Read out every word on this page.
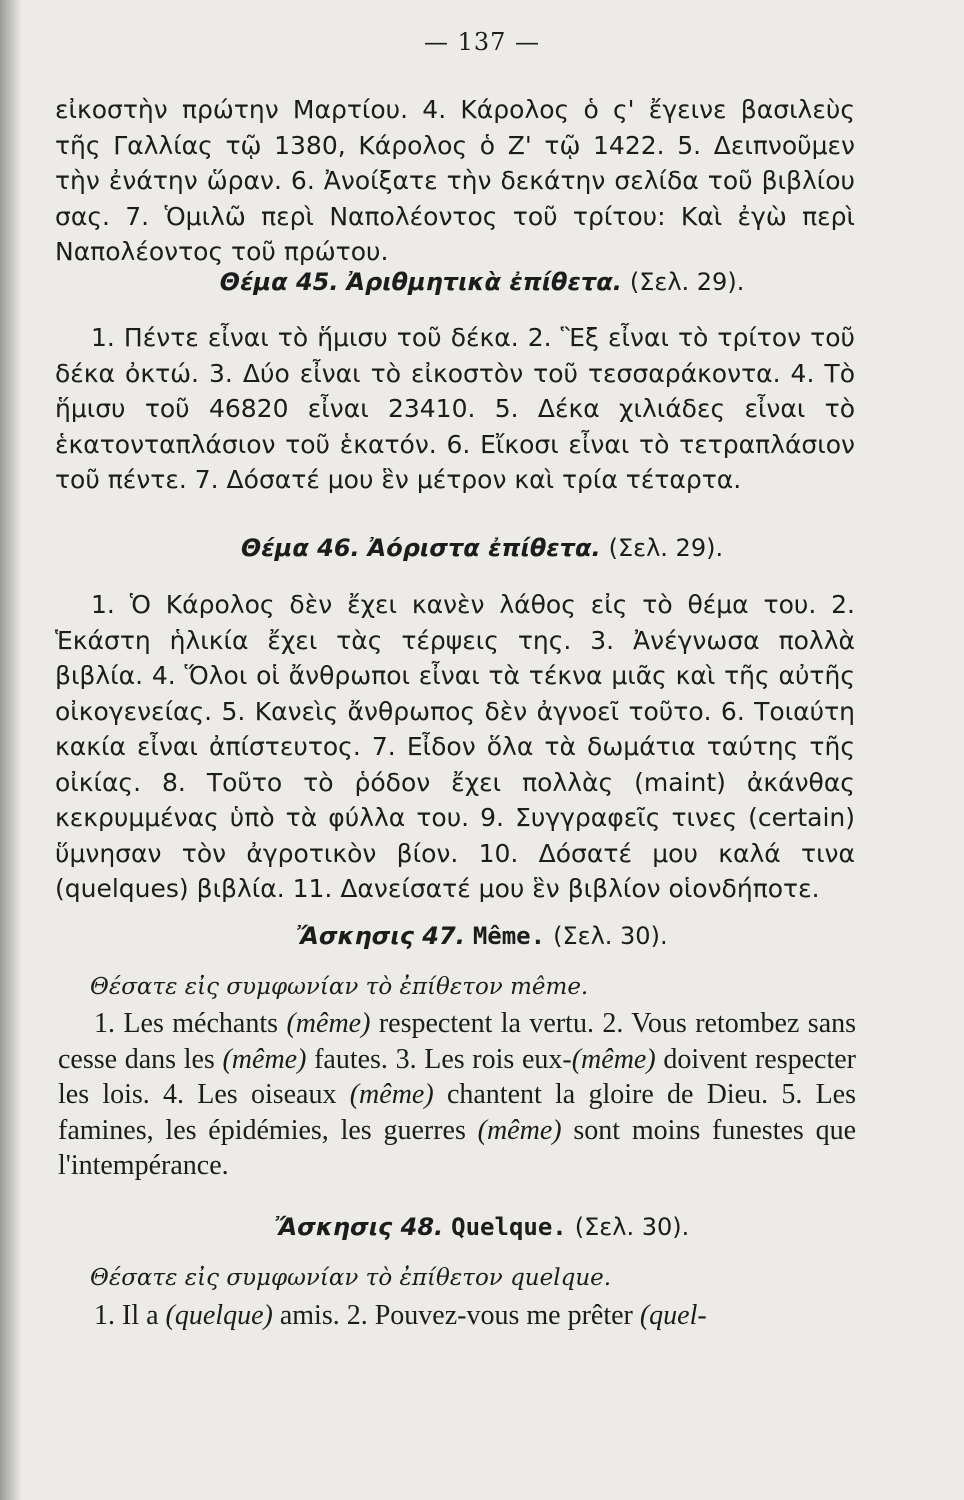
— 137 —

εἰκοστὴν πρώτην Μαρτίου. 4. Κάρολος ὁ ς' ἔγεινε βασιλεὺς τῆς Γαλλίας τῷ 1380, Κάρολος ὁ Ζ' τῷ 1422. 5. Δειπνοῦμεν τὴν ἐνάτην ὥραν. 6. Ἀνοίξατε τὴν δεκάτην σελίδα τοῦ βιβλίου σας. 7. Ὁμιλῶ περὶ Ναπολέοντος τοῦ τρίτου: Καὶ ἐγὼ περὶ Ναπολέοντος τοῦ πρώτου.

Θέμα 45. Ἀριθμητικὰ ἐπίθετα. (Σελ. 29).

1. Πέντε εἶναι τὸ ἥμισυ τοῦ δέκα. 2. Ἓξ εἶναι τὸ τρίτον τοῦ δέκα ὀκτώ. 3. Δύο εἶναι τὸ εἰκοστὸν τοῦ τεσσαράκοντα. 4. Τὸ ἥμισυ τοῦ 46820 εἶναι 23410. 5. Δέκα χιλιάδες εἶναι τὸ ἑκατονταπλάσιον τοῦ ἑκατόν. 6. Εἴκοσι εἶναι τὸ τετραπλάσιον τοῦ πέντε. 7. Δόσατέ μου ἓν μέτρον καὶ τρία τέταρτα.

Θέμα 46. Ἀόριστα ἐπίθετα. (Σελ. 29).

1. Ὁ Κάρολος δὲν ἔχει κανὲν λάθος εἰς τὸ θέμα του. 2. Ἑκάστη ἡλικία ἔχει τὰς τέρψεις της. 3. Ἀνέγνωσα πολλὰ βιβλία. 4. Ὅλοι οἱ ἄνθρωποι εἶναι τὰ τέκνα μιᾶς καὶ τῆς αὐτῆς οἰκογενείας. 5. Κανεὶς ἄνθρωπος δὲν ἀγνοεῖ τοῦτο. 6. Τοιαύτη κακία εἶναι ἀπίστευτος. 7. Εἶδον ὅλα τὰ δωμάτια ταύτης τῆς οἰκίας. 8. Τοῦτο τὸ ῥόδον ἔχει πολλὰς (maint) ἀκάνθας κεκρυμμένας ὑπὸ τὰ φύλλα του. 9. Συγγραφεῖς τινες (certain) ὕμνησαν τὸν ἀγροτικὸν βίον. 10. Δόσατέ μου καλά τινα (quelques) βιβλία. 11. Δανείσατέ μου ἓν βιβλίον οἱονδήποτε.

Ἄσκησις 47. Même. (Σελ. 30).
Θέσατε εἰς συμφωνίαν τὸ ἐπίθετον même.

1. Les méchants (même) respectent la vertu. 2. Vous retombez sans cesse dans les (même) fautes. 3. Les rois eux-(même) doivent respecter les lois. 4. Les oiseaux (même) chantent la gloire de Dieu. 5. Les famines, les épidémies, les guerres (même) sont moins funestes que l'intempérance.

Ἄσκησις 48. Quelque. (Σελ. 30).
Θέσατε εἰς συμφωνίαν τὸ ἐπίθετον quelque.

1. Il a (quelque) amis. 2. Pouvez-vous me prêter (quel-
